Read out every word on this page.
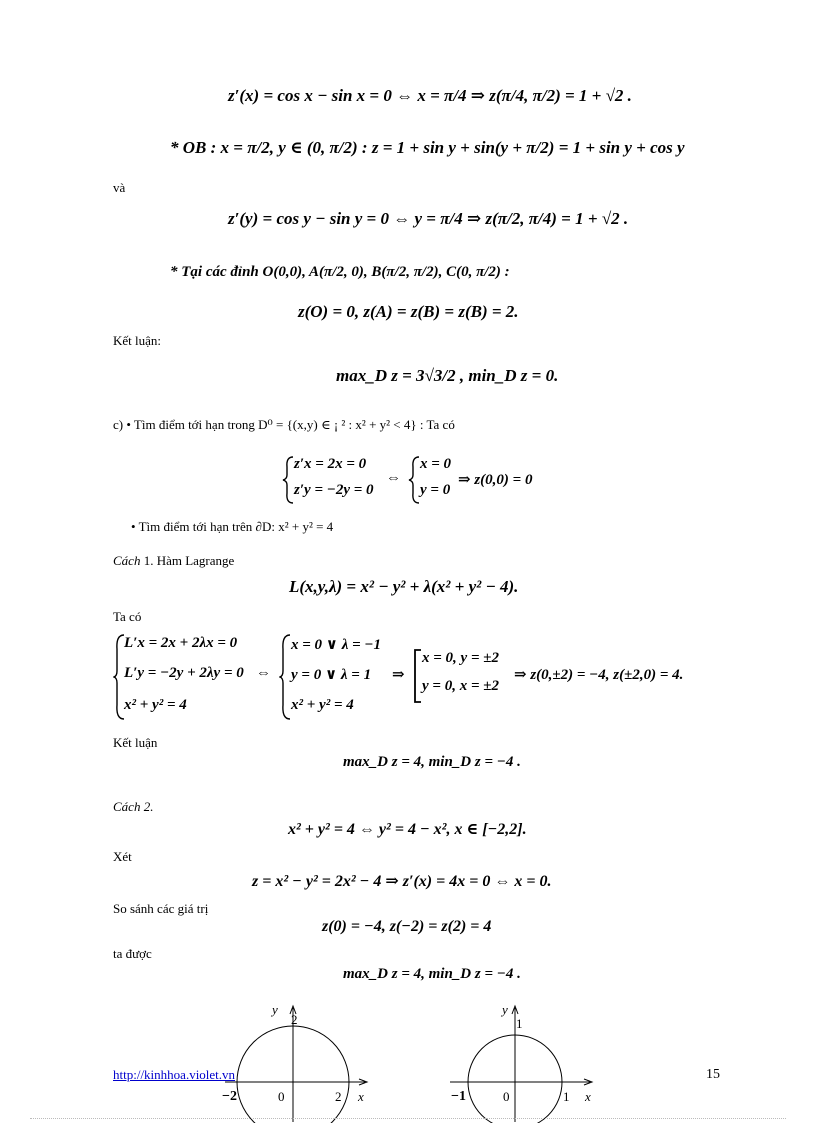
z′(x) = cos x − sin x = 0 ⇔ x = π/4 ⇒ z(π/4, π/2) = 1 + √2 .
* OB : x = π/2, y ∈ (0, π/2) : z = 1 + sin y + sin(y + π/2) = 1 + sin y + cos y
và
z′(y) = cos y − sin y = 0 ⇔ y = π/4 ⇒ z(π/2, π/4) = 1 + √2 .
* Tại các đỉnh O(0,0), A(π/2, 0), B(π/2, π/2), C(0, π/2) :
z(O) = 0, z(A) = z(B) = z(B) = 2.
Kết luận:
max_D z = 3√3/2 , min_D z = 0.
c) • Tìm điểm tới hạn trong D⁰ = {(x,y) ∈ ¡ ² : x² + y² < 4} : Ta có
z′x = 2x = 0
z′y = −2y = 0
⇔
x = 0
y = 0
⇒ z(0,0) = 0
• Tìm điểm tới hạn trên ∂D: x² + y² = 4
Cách 1. Hàm Lagrange
L(x,y,λ) = x² − y² + λ(x² + y² − 4).
Ta có
L′x = 2x + 2λx = 0
L′y = −2y + 2λy = 0
x² + y² = 4
⇔
x = 0 ∨ λ = −1
y = 0 ∨ λ = 1
x² + y² = 4
⇒
x = 0, y = ±2
y = 0, x = ±2
⇒ z(0,±2) = −4, z(±2,0) = 4.
Kết luận
max_D z = 4, min_D z = −4 .
Cách 2.
x² + y² = 4 ⇔ y² = 4 − x², x ∈ [−2,2].
Xét
z = x² − y² = 2x² − 4 ⇒ z′(x) = 4x = 0 ⇔ x = 0.
So sánh các giá trị
z(0) = −4, z(−2) = z(2) = 4
ta được
max_D z = 4, min_D z = −4 .
y
2
−2	0	2 x
y
1
−1	0	1 x
http://kinhhoa.violet.vn	15
